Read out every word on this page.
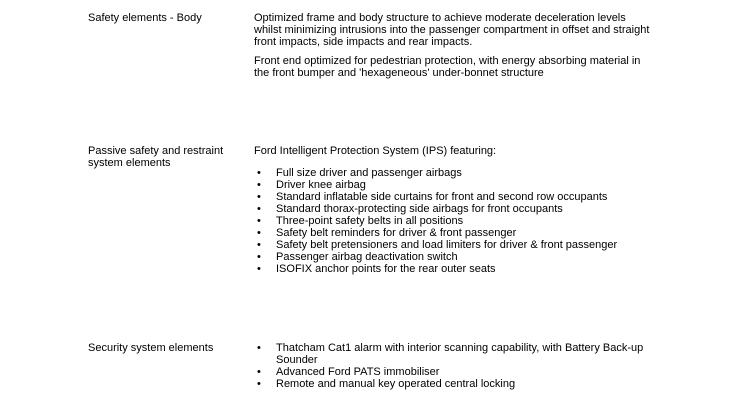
Safety elements - Body	Optimized frame and body structure to achieve moderate deceleration levels whilst minimizing intrusions into the passenger compartment in offset and straight front impacts, side impacts and rear impacts.

Front end optimized for pedestrian protection, with energy absorbing material in the front bumper and 'hexageneous' under-bonnet structure

Passive safety and restraint system elements

Ford Intelligent Protection System (IPS) featuring:

• Full size driver and passenger airbags
• Driver knee airbag
• Standard inflatable side curtains for front and second row occupants
• Standard thorax-protecting side airbags for front occupants
• Three-point safety belts in all positions
• Safety belt reminders for driver & front passenger
• Safety belt pretensioners and load limiters for driver & front passenger
• Passenger airbag deactivation switch
• ISOFIX anchor points for the rear outer seats

Security system elements	• Thatcham Cat1 alarm with interior scanning capability, with Battery Back-up Sounder
• Advanced Ford PATS immobiliser
• Remote and manual key operated central locking
